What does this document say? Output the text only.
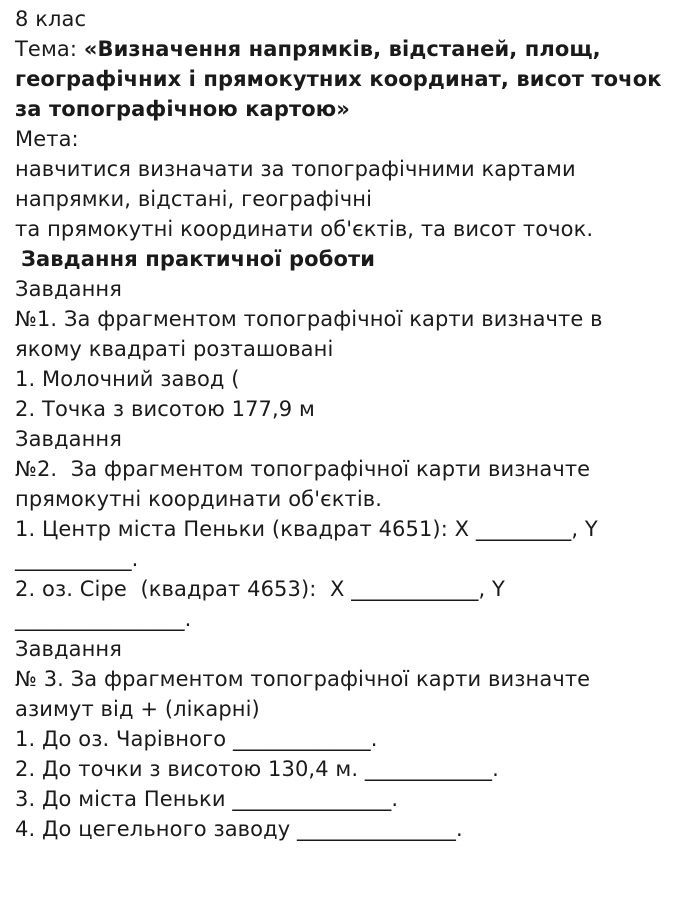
8 клас
Тема: «Визначення напрямків, відстаней, площ,
географічних і прямокутних координат, висот точок
за топографічною картою»
Мета:
навчитися визначати за топографічними картами
напрямки, відстані, географічні
та прямокутні координати об'єктів, та висот точок.
Завдання практичної роботи
Завдання
№1. За фрагментом топографічної карти визначте в
якому квадраті розташовані
1. Молочний завод (
2. Точка з висотою 177,9 м
Завдання
№2.  За фрагментом топографічної карти визначте
прямокутні координати об'єктів.
1. Центр міста Пеньки (квадрат 4651): Х _________, Y
___________.
2. оз. Сіре  (квадрат 4653):  Х ____________, Y
________________.
Завдання
№ 3. За фрагментом топографічної карти визначте
азимут від + (лікарні)
1. До оз. Чарівного _____________.
2. До точки з висотою 130,4 м. ____________.
3. До міста Пеньки _______________.
4. До цегельного заводу _______________.
